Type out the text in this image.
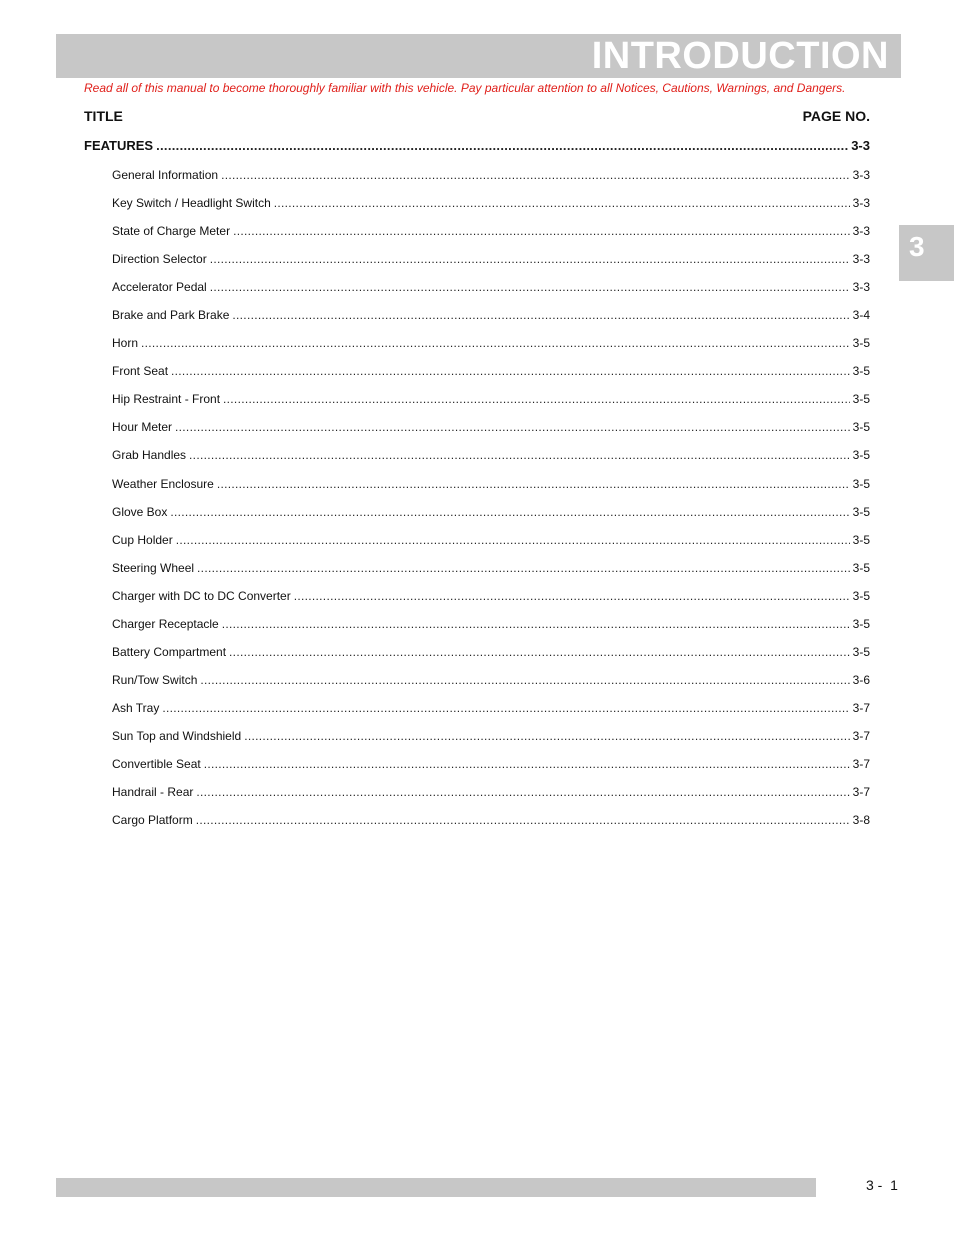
INTRODUCTION
Read all of this manual to become thoroughly familiar with this vehicle. Pay particular attention to all Notices, Cautions, Warnings, and Dangers.
TITLE	PAGE NO.
FEATURES .....	3-3
General Information .....	3-3
Key Switch / Headlight Switch .....	3-3
State of Charge Meter .....	3-3
Direction Selector .....	3-3
Accelerator Pedal .....	3-3
Brake and Park Brake .....	3-4
Horn .....	3-5
Front Seat .....	3-5
Hip Restraint - Front .....	3-5
Hour Meter .....	3-5
Grab Handles .....	3-5
Weather Enclosure .....	3-5
Glove Box .....	3-5
Cup Holder .....	3-5
Steering Wheel .....	3-5
Charger with DC to DC Converter .....	3-5
Charger Receptacle .....	3-5
Battery Compartment .....	3-5
Run/Tow Switch .....	3-6
Ash Tray .....	3-7
Sun Top and Windshield .....	3-7
Convertible Seat .....	3-7
Handrail - Rear .....	3-7
Cargo Platform .....	3-8
3
3 -  1
